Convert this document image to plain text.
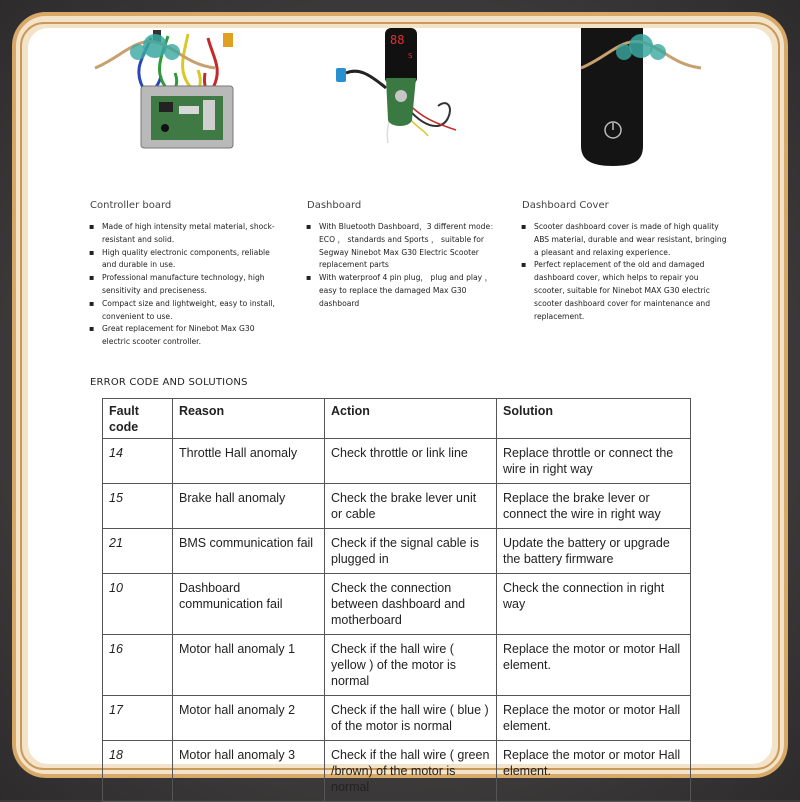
88
S
Controller board
▪ Made of high intensity metal material, shock-resistant and solid.
▪ High quality electronic components, reliable and durable in use.
▪ Professional manufacture technology, high sensitivity and preciseness.
▪ Compact size and lightweight, easy to install, convenient to use.
▪ Great replacement for Ninebot Max G30 electric scooter controller.
Dashboard
▪ With Bluetooth Dashboard，3 different mode： ECO ， standards and Sports ， suitable for Segway Ninebot Max G30 Electric Scooter replacement parts
▪ With waterproof 4 pin plug， plug and play ， easy to replace the damaged Max G30 dashboard
Dashboard Cover
▪ Scooter dashboard cover is made of high quality ABS material, durable and wear resistant, bringing a pleasant and relaxing experience.
▪ Perfect replacement of the old and damaged dashboard cover, which helps to repair you scooter, suitable for Ninebot MAX G30 electric scooter dashboard cover for maintenance and replacement.
ERROR CODE AND SOLUTIONS
Fault code	Reason	Action	Solution
14	Throttle Hall anomaly	Check throttle or link line	Replace throttle or connect the wire in right way
15	Brake hall anomaly	Check the brake lever unit or cable	Replace the brake lever or connect the wire in right way
21	BMS communication fail	Check if the signal cable is plugged in	Update the battery or upgrade the battery firmware
10	Dashboard communication fail	Check the connection between dashboard and motherboard	Check the connection in right way
16	Motor hall anomaly 1	Check if the hall wire ( yellow ) of the motor is normal	Replace the motor or motor Hall element.
17	Motor hall anomaly 2	Check if the hall wire ( blue ) of the motor is normal	Replace the motor or motor Hall element.
18	Motor hall anomaly 3	Check if the hall wire ( green /brown) of the motor is normal	Replace the motor or motor Hall element.
